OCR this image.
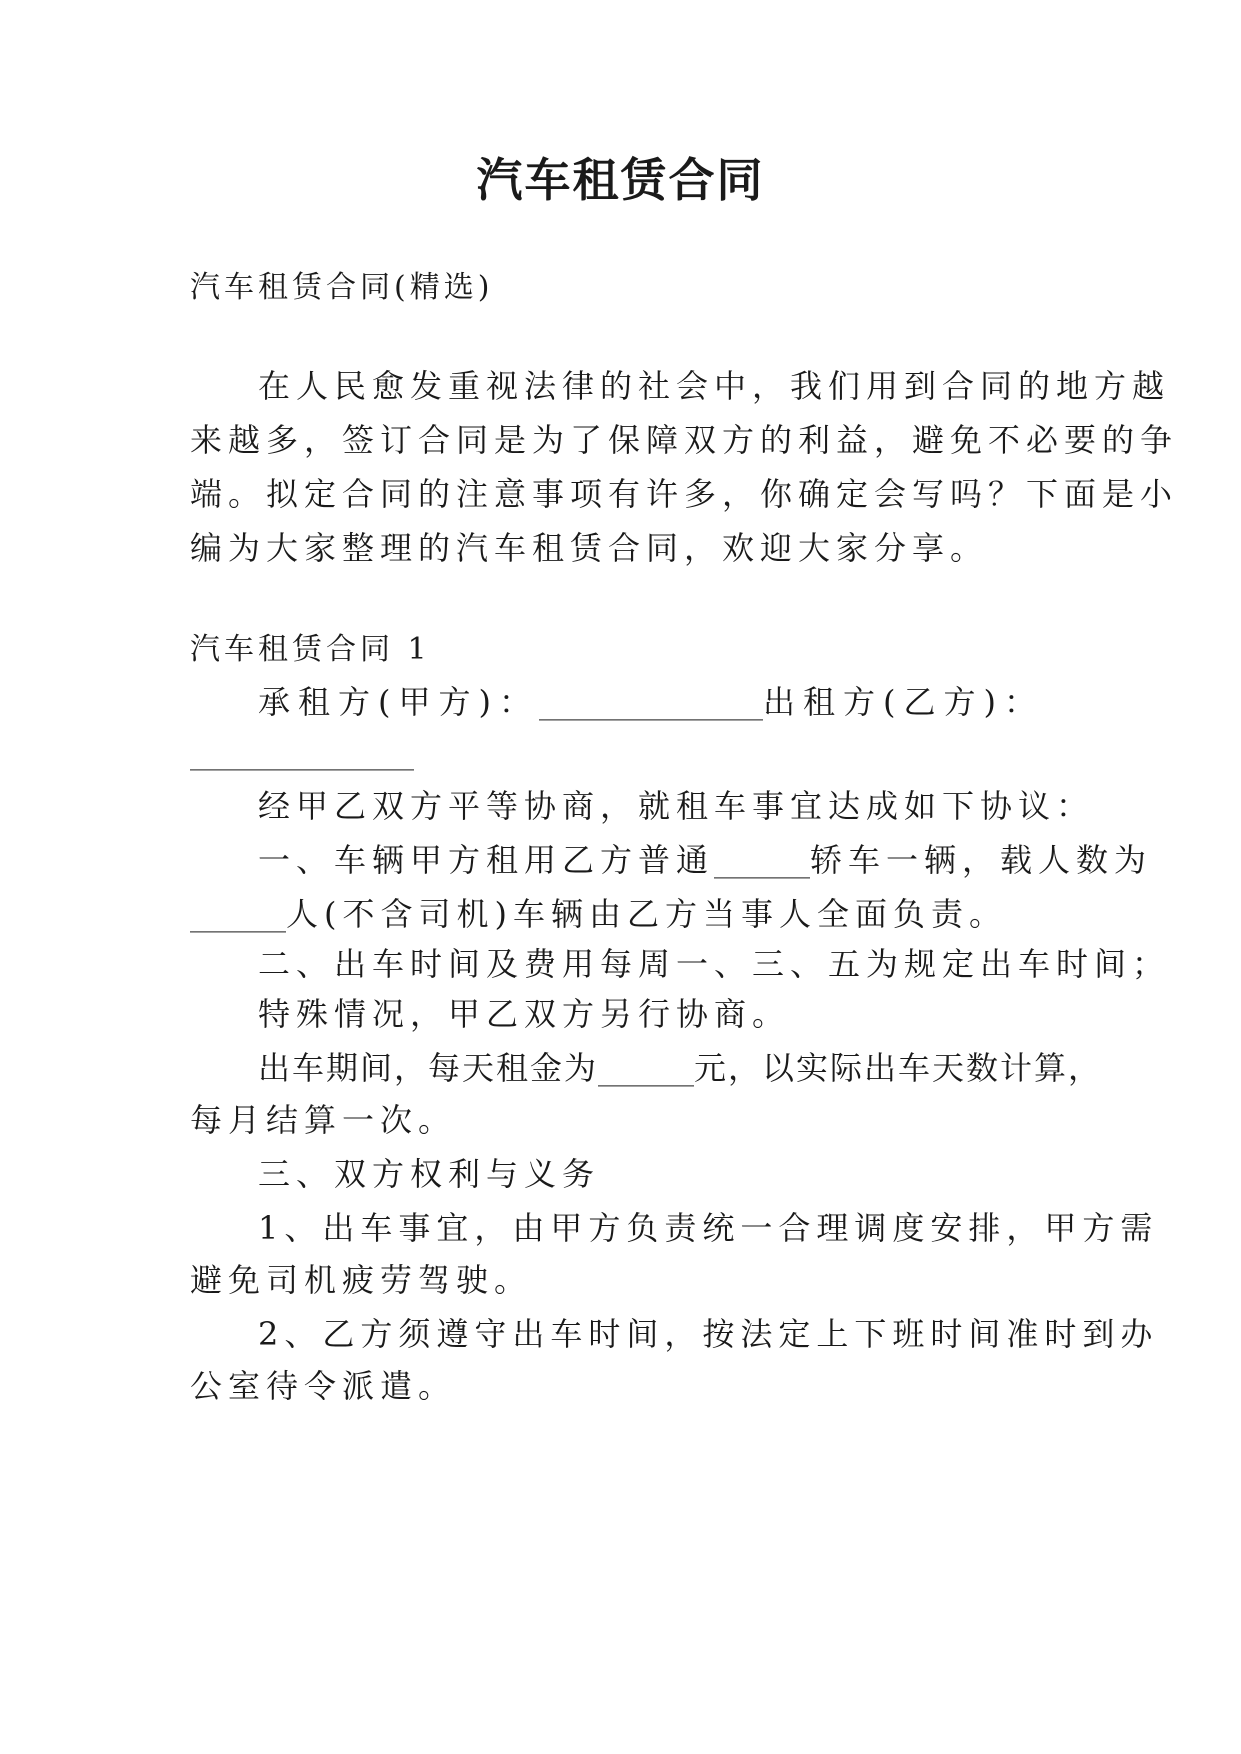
汽车租赁合同
汽车租赁合同(精选)
在人民愈发重视法律的社会中，我们用到合同的地方越
来越多，签订合同是为了保障双方的利益，避免不必要的争
端。拟定合同的注意事项有许多，你确定会写吗？下面是小
编为大家整理的汽车租赁合同，欢迎大家分享。
汽车租赁合同 1
承租方(甲方)：______________出租方(乙方)：
______________
经甲乙双方平等协商，就租车事宜达成如下协议：
一、车辆甲方租用乙方普通______轿车一辆，载人数为
______人(不含司机)车辆由乙方当事人全面负责。
二、出车时间及费用每周一、三、五为规定出车时间；
特殊情况，甲乙双方另行协商。
出车期间，每天租金为______元，以实际出车天数计算，
每月结算一次。
三、双方权利与义务
1、出车事宜，由甲方负责统一合理调度安排，甲方需
避免司机疲劳驾驶。
2、乙方须遵守出车时间，按法定上下班时间准时到办
公室待令派遣。
